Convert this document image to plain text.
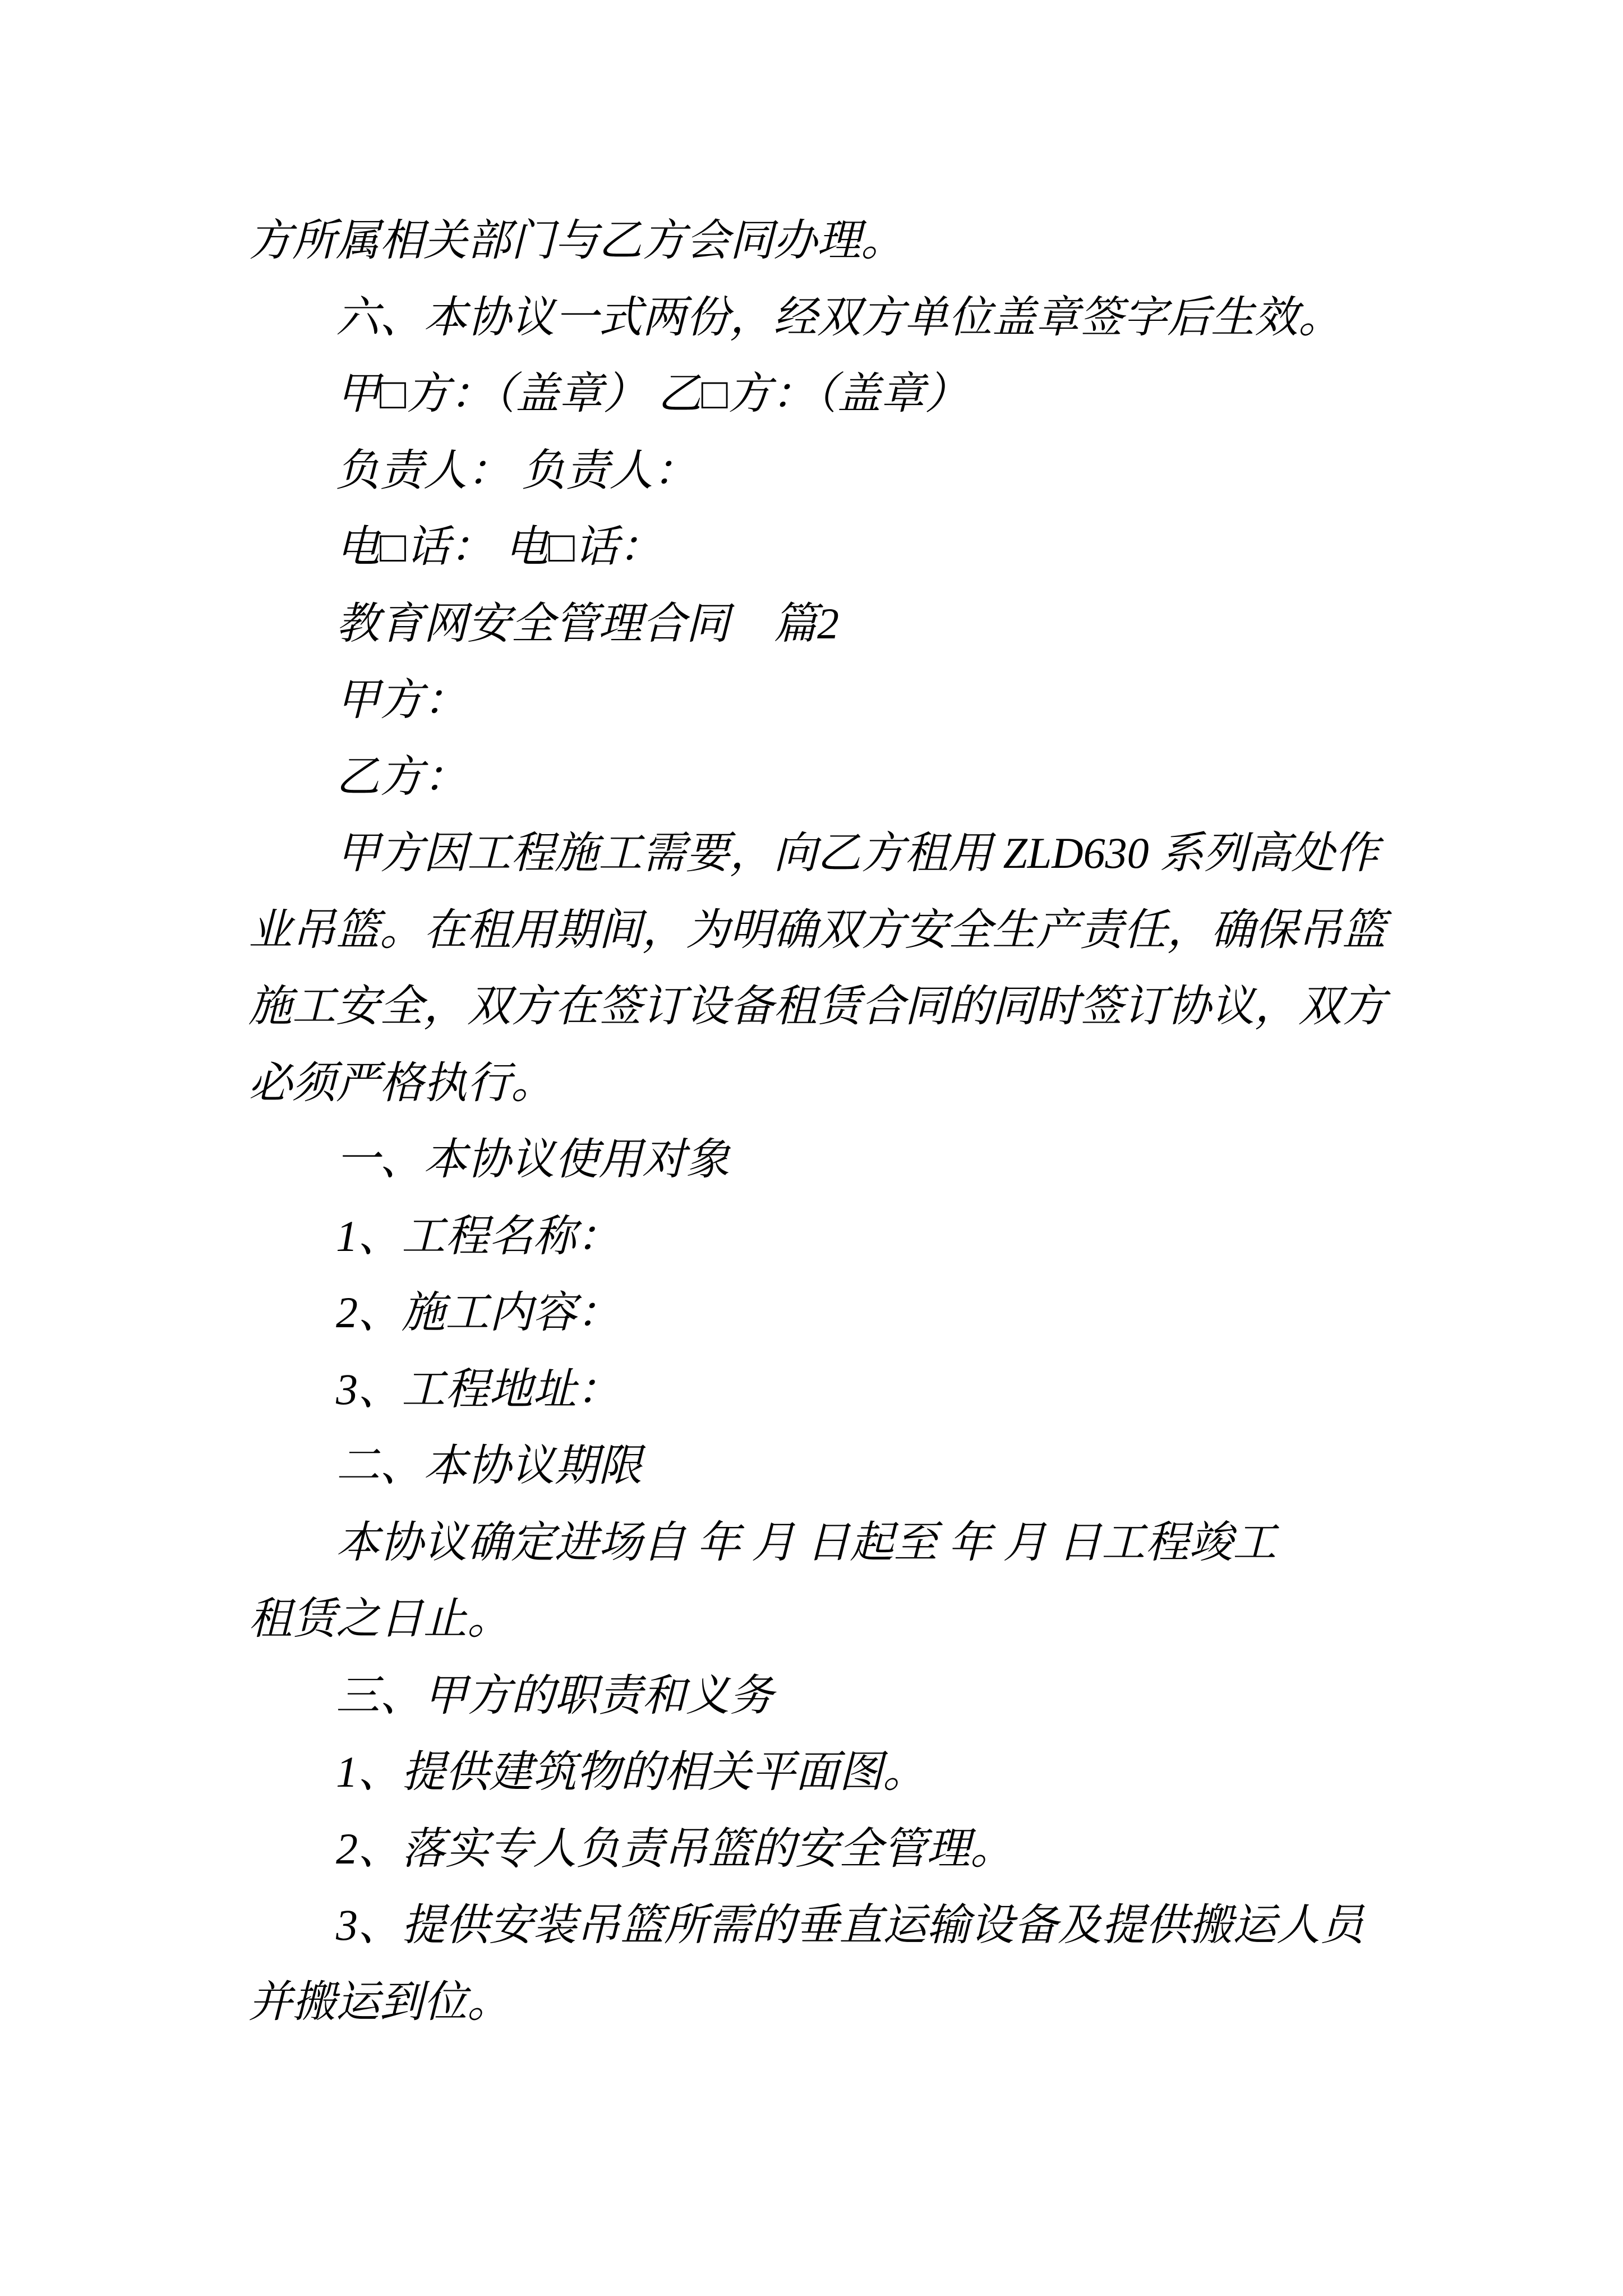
方所属相关部门与乙方会同办理。
六、本协议一式两份，经双方单位盖章签字后生效。
甲□方：（盖章） 乙□方：（盖章）
负责人： 负责人：
电□话： 电□话：
教育网安全管理合同　篇2
甲方：
乙方：
甲方因工程施工需要，向乙方租用 ZLD630 系列高处作
业吊篮。在租用期间，为明确双方安全生产责任，确保吊篮
施工安全，双方在签订设备租赁合同的同时签订协议，双方
必须严格执行。
一、本协议使用对象
1、工程名称：
2、施工内容：
3、工程地址：
二、本协议期限
本协议确定进场自 年 月 日起至 年 月 日工程竣工
租赁之日止。
三、甲方的职责和义务
1、提供建筑物的相关平面图。
2、落实专人负责吊篮的安全管理。
3、提供安装吊篮所需的垂直运输设备及提供搬运人员
并搬运到位。
